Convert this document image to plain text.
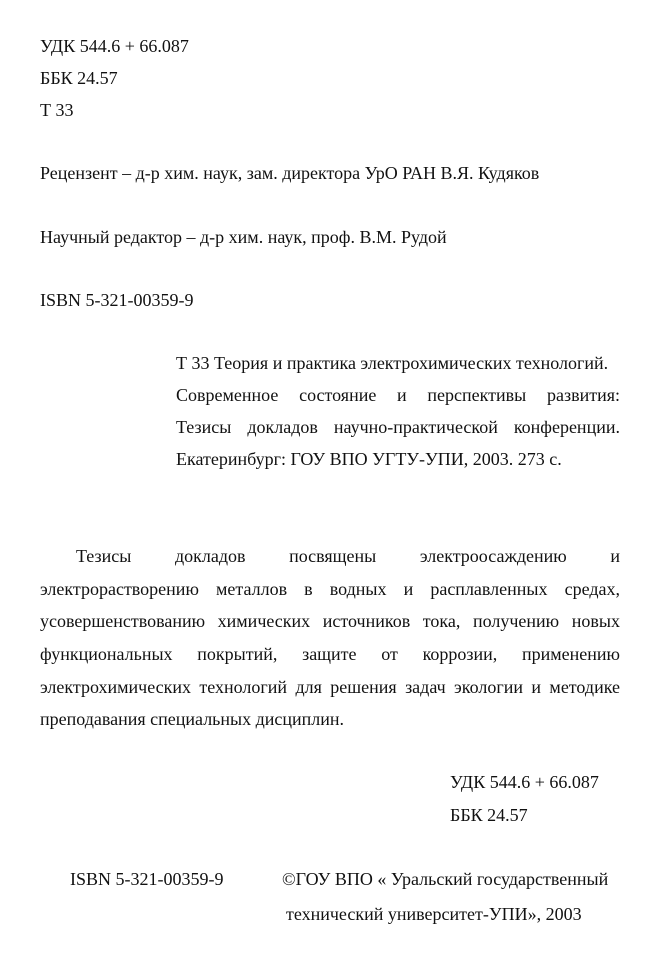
УДК 544.6 + 66.087
ББК 24.57
Т 33
Рецензент – д-р хим. наук, зам. директора УрО РАН В.Я. Кудяков
Научный редактор – д-р хим. наук, проф. В.М. Рудой
ISBN 5-321-00359-9
Т 33 Теория и практика электрохимических технологий.
Современное состояние и перспективы развития:
Тезисы докладов научно-практической конференции.
Екатеринбург: ГОУ ВПО УГТУ-УПИ, 2003. 273 с.
Тезисы докладов посвящены электроосаждению и
электрорастворению металлов в водных и расплавленных средах,
усовершенствованию химических источников тока, получению новых
функциональных покрытий, защите от коррозии, применению
электрохимических технологий для решения задач экологии и методике
преподавания специальных дисциплин.
УДК 544.6 + 66.087
ББК 24.57
ISBN 5-321-00359-9	©ГОУ ВПО « Уральский государственный
технический университет-УПИ», 2003
